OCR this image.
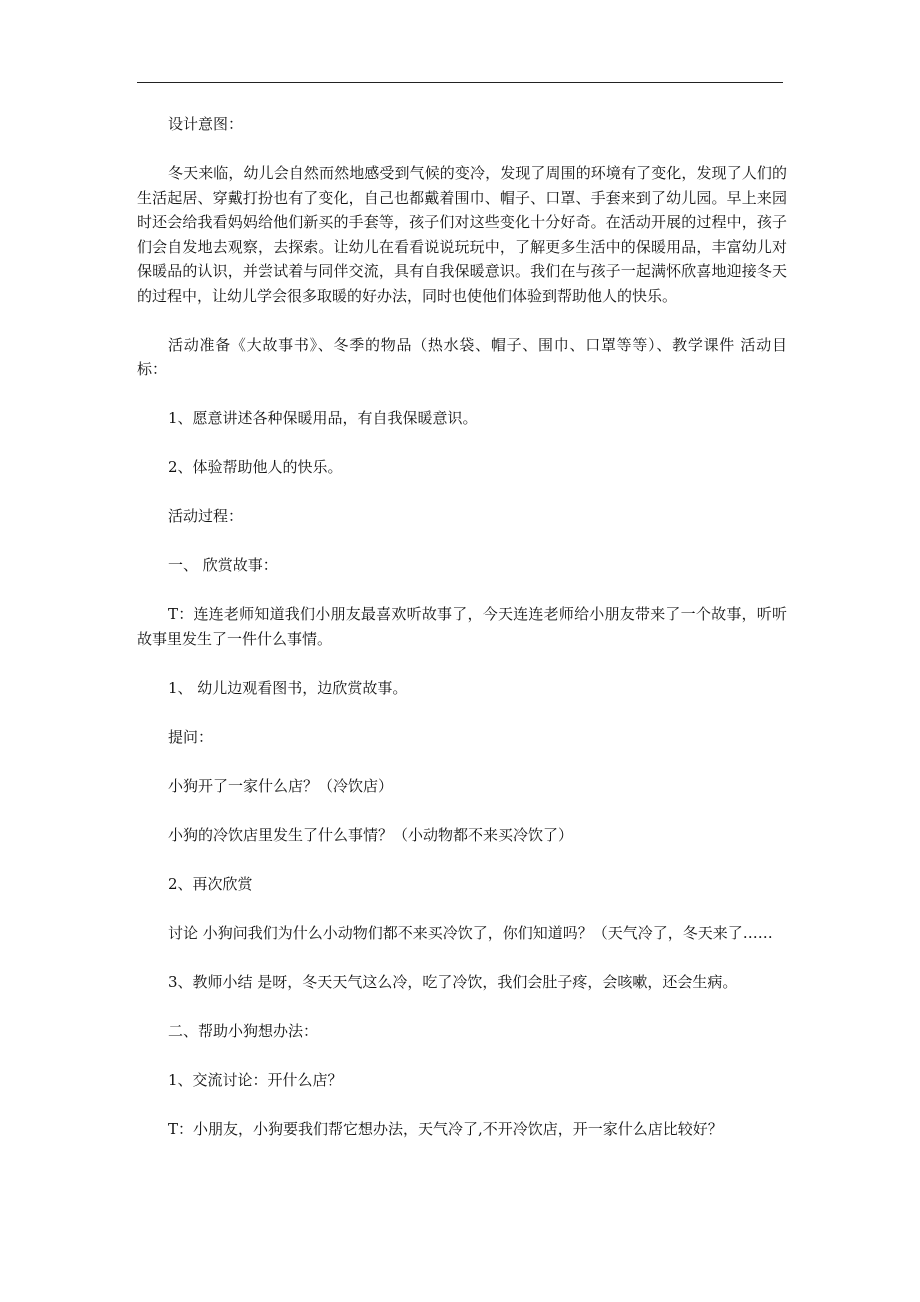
设计意图：

冬天来临，幼儿会自然而然地感受到气候的变冷，发现了周围的环境有了变化，发现了人们的生活起居、穿戴打扮也有了变化，自己也都戴着围巾、帽子、口罩、手套来到了幼儿园。早上来园时还会给我看妈妈给他们新买的手套等，孩子们对这些变化十分好奇。在活动开展的过程中，孩子们会自发地去观察，去探索。让幼儿在看看说说玩玩中，了解更多生活中的保暖用品，丰富幼儿对保暖品的认识，并尝试着与同伴交流，具有自我保暖意识。我们在与孩子一起满怀欣喜地迎接冬天的过程中，让幼儿学会很多取暖的好办法，同时也使他们体验到帮助他人的快乐。

活动准备《大故事书》、冬季的物品（热水袋、帽子、围巾、口罩等等）、教学课件 活动目标：

1、愿意讲述各种保暖用品，有自我保暖意识。

2、体验帮助他人的快乐。

活动过程：

一、 欣赏故事：

T：连连老师知道我们小朋友最喜欢听故事了，今天连连老师给小朋友带来了一个故事，听听故事里发生了一件什么事情。

1、 幼儿边观看图书，边欣赏故事。

提问：

小狗开了一家什么店？（冷饮店）

小狗的冷饮店里发生了什么事情？（小动物都不来买冷饮了）

2、再次欣赏

讨论 小狗问我们为什么小动物们都不来买冷饮了，你们知道吗？（天气冷了，冬天来了……

3、教师小结 是呀，冬天天气这么冷，吃了冷饮，我们会肚子疼，会咳嗽，还会生病。

二、帮助小狗想办法：

1、交流讨论：开什么店？

T：小朋友，小狗要我们帮它想办法，天气冷了,不开冷饮店，开一家什么店比较好？
